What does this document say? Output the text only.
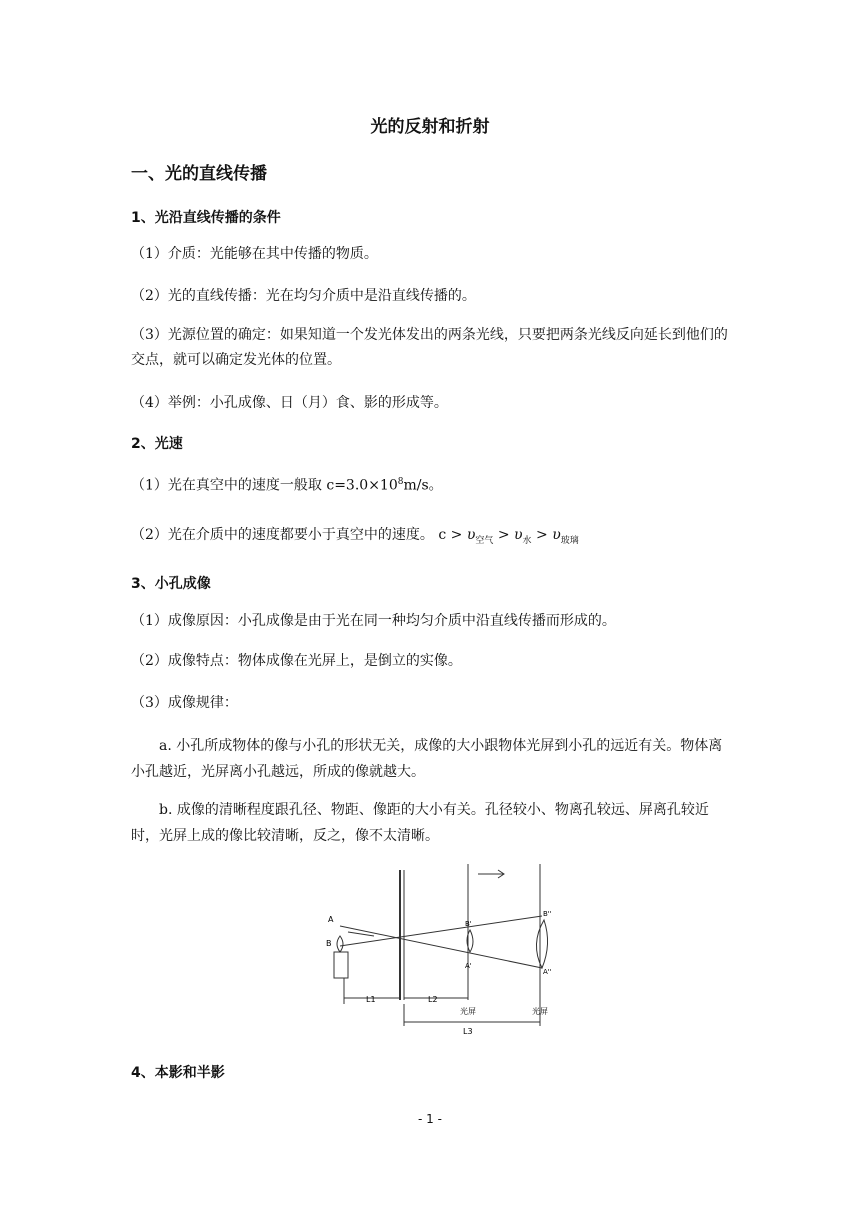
光的反射和折射
一、光的直线传播
1、光沿直线传播的条件
（1）介质：光能够在其中传播的物质。
（2）光的直线传播：光在均匀介质中是沿直线传播的。
（3）光源位置的确定：如果知道一个发光体发出的两条光线，只要把两条光线反向延长到他们的交点，就可以确定发光体的位置。
（4）举例：小孔成像、日（月）食、影的形成等。
2、光速
（1）光在真空中的速度一般取 $c=3.0\times 10^8m/s$。
（2）光在介质中的速度都要小于真空中的速度。 $c > \upsilon_{空气} > \upsilon_水 > \upsilon_{玻璃}$
3、小孔成像
（1）成像原因：小孔成像是由于光在同一种均匀介质中沿直线传播而形成的。
（2）成像特点：物体成像在光屏上，是倒立的实像。
（3）成像规律：
a. 小孔所成物体的像与小孔的形状无关，成像的大小跟物体光屏到小孔的远近有关。物体离小孔越近，光屏离小孔越远，所成的像就越大。
b. 成像的清晰程度跟孔径、物距、像距的大小有关。孔径较小、物离孔较远、屏离孔较近时，光屏上成的像比较清晰，反之，像不太清晰。
A
B
B'
A'
B''
A''
L1	L2
L3
光屏	光屏
4、本影和半影
- 1 -
